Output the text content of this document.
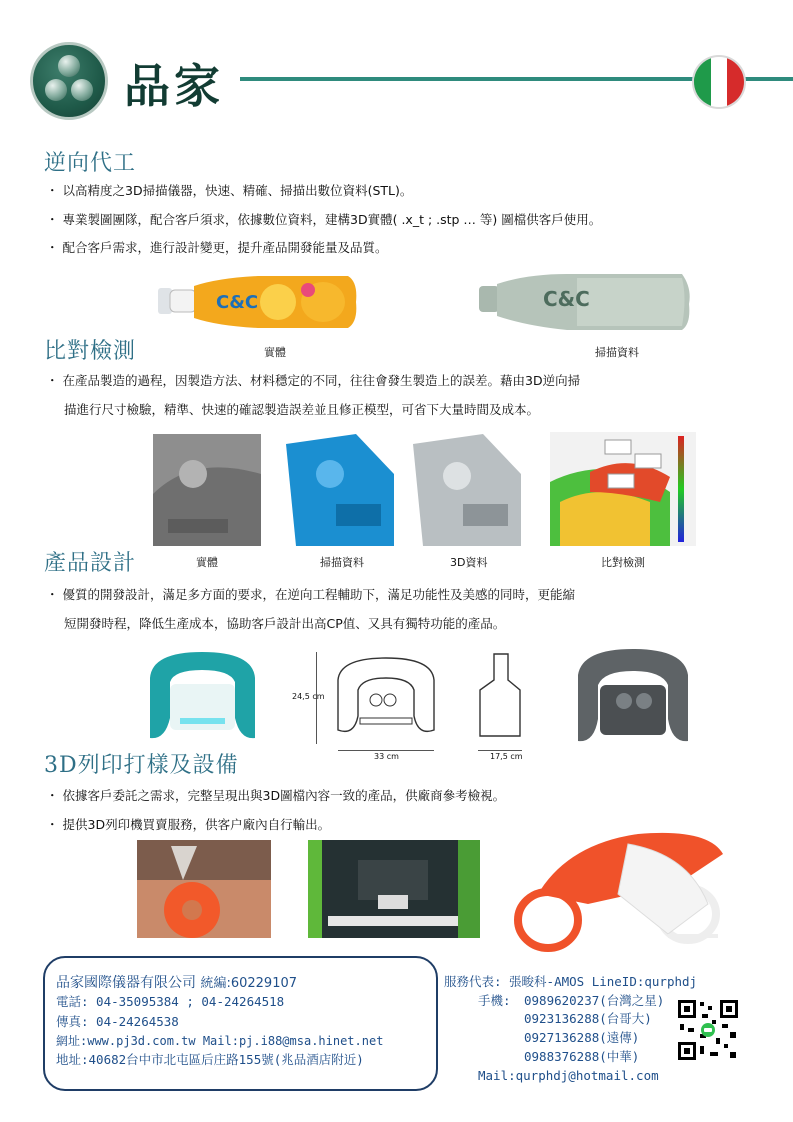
品家
逆向代工
・ 以高精度之3D掃描儀器，快速、精確、掃描出數位資料(STL)。
・ 專業製圖團隊，配合客戶須求，依據數位資料，建構3D實體( .x_t ; .stp … 等) 圖檔供客戶使用。
・ 配合客戶需求，進行設計變更，提升產品開發能量及品質。
C&C	C&C
比對檢測	實體	掃描資料
・ 在產品製造的過程，因製造方法、材料穩定的不同，往往會發生製造上的誤差。藉由3D逆向掃
描進行尺寸檢驗，精準、快速的確認製造誤差並且修正模型，可省下大量時間及成本。
產品設計	實體	掃描資料	3D資料	比對檢測
・ 優質的開發設計，滿足多方面的要求，在逆向工程輔助下，滿足功能性及美感的同時，更能縮
短開發時程，降低生產成本，協助客戶設計出高CP值、又具有獨特功能的產品。
24,5 cm
33 cm	17,5 cm
3D列印打樣及設備
・ 依據客戶委託之需求，完整呈現出與3D圖檔內容一致的產品，供廠商參考檢視。
・ 提供3D列印機買賣服務，供客户廠內自行輸出。
品家國際儀器有限公司 統編:60229107
電話: 04-35095384 ; 04-24264518
傳真: 04-24264538
網址:www.pj3d.com.tw Mail:pj.i88@msa.hinet.net
地址:40682台中市北屯區后庄路155號(兆品酒店附近)
服務代表: 張畯科-AMOS LineID:qurphdj
手機: 0989620237(台灣之星)
0923136288(台哥大)
0927136288(遠傳)
0988376288(中華)
Mail:qurphdj@hotmail.com
